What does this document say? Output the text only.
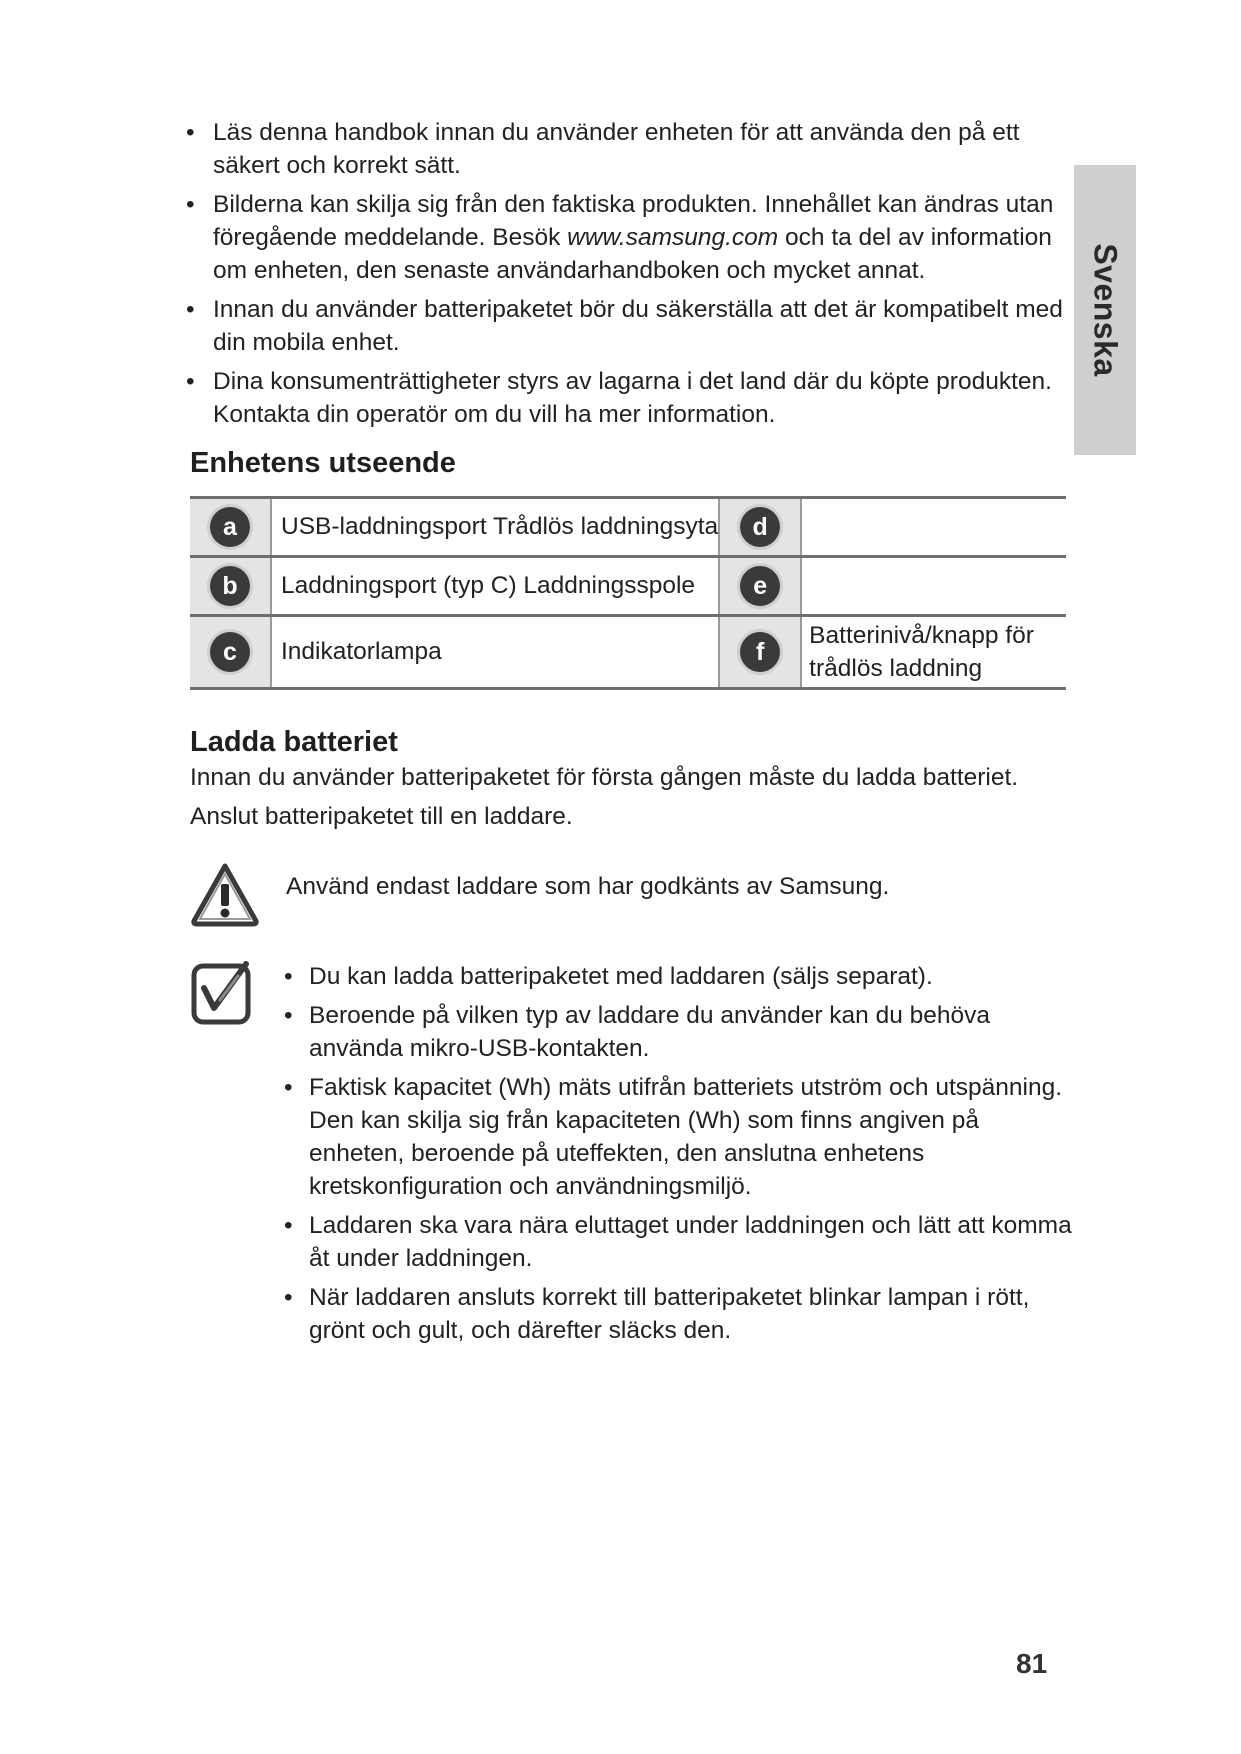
Svenska
• Läs denna handbok innan du använder enheten för att använda den på ett säkert och korrekt sätt.
• Bilderna kan skilja sig från den faktiska produkten. Innehållet kan ändras utan föregående meddelande. Besök www.samsung.com och ta del av information om enheten, den senaste användarhandboken och mycket annat.
• Innan du använder batteripaketet bör du säkerställa att det är kompatibelt med din mobila enhet.
• Dina konsumenträttigheter styrs av lagarna i det land där du köpte produkten. Kontakta din operatör om du vill ha mer information.
Enhetens utseende
a	USB-laddningsport Trådlös laddningsyta	d	
b	Laddningsport (typ C) Laddningsspole	e	
c	Indikatorlampa	f	Batterinivå/knapp för trådlös laddning
Ladda batteriet
Innan du använder batteripaketet för första gången måste du ladda batteriet.
Anslut batteripaketet till en laddare.
Använd endast laddare som har godkänts av Samsung.
• Du kan ladda batteripaketet med laddaren (säljs separat).
• Beroende på vilken typ av laddare du använder kan du behöva använda mikro-USB-kontakten.
• Faktisk kapacitet (Wh) mäts utifrån batteriets utström och utspänning. Den kan skilja sig från kapaciteten (Wh) som finns angiven på enheten, beroende på uteffekten, den anslutna enhetens kretskonfiguration och användningsmiljö.
• Laddaren ska vara nära eluttaget under laddningen och lätt att komma åt under laddningen.
• När laddaren ansluts korrekt till batteripaketet blinkar lampan i rött, grönt och gult, och därefter släcks den.
81
